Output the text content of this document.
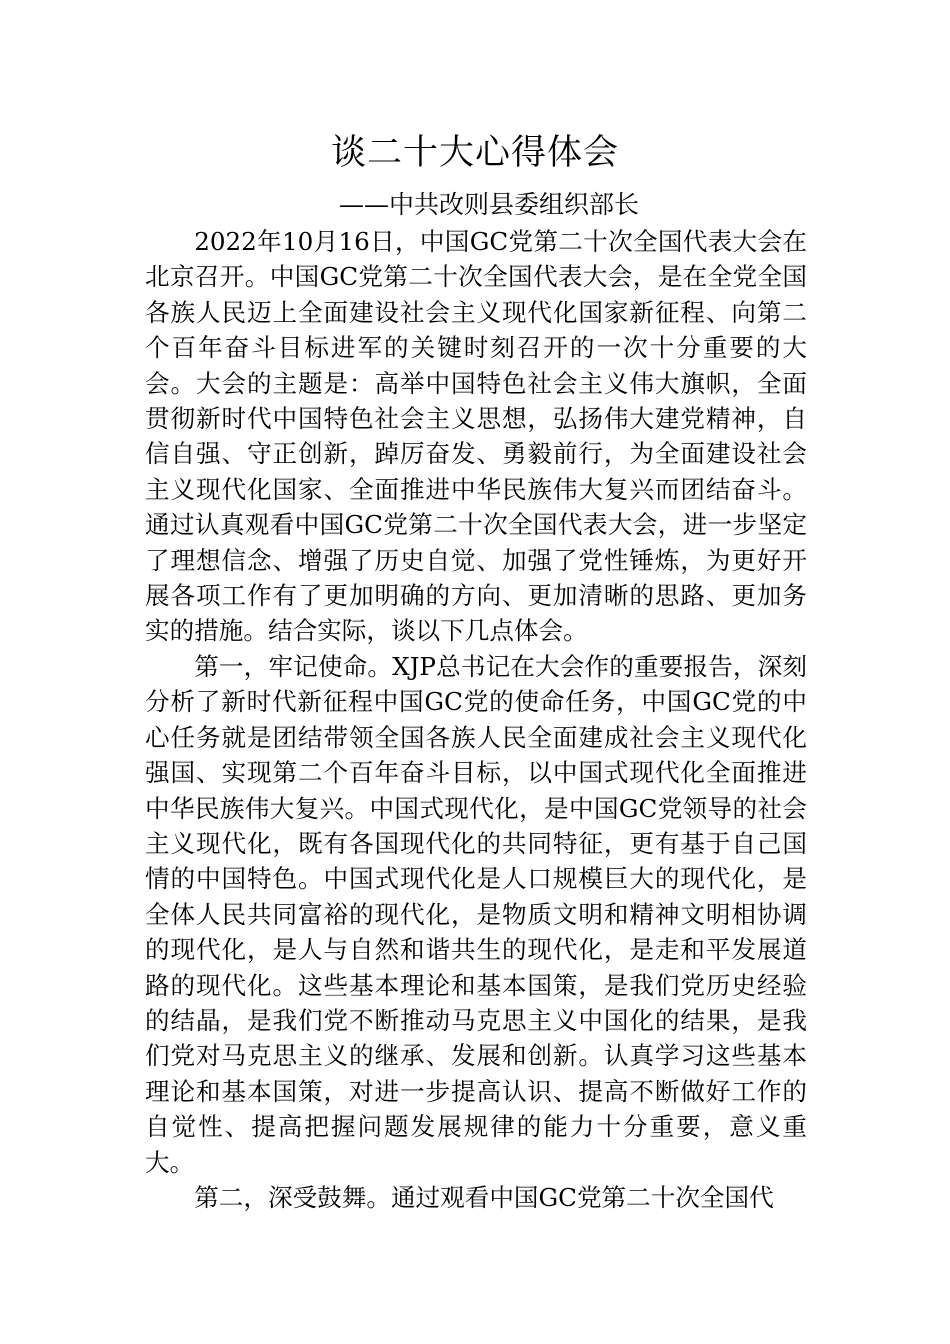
谈二十大心得体会
——中共改则县委组织部长

2022年10月16日，中国GC党第二十次全国代表大会在北京召开。中国GC党第二十次全国代表大会，是在全党全国各族人民迈上全面建设社会主义现代化国家新征程、向第二个百年奋斗目标进军的关键时刻召开的一次十分重要的大会。大会的主题是：高举中国特色社会主义伟大旗帜，全面贯彻新时代中国特色社会主义思想，弘扬伟大建党精神，自信自强、守正创新，踔厉奋发、勇毅前行，为全面建设社会主义现代化国家、全面推进中华民族伟大复兴而团结奋斗。通过认真观看中国GC党第二十次全国代表大会，进一步坚定了理想信念、增强了历史自觉、加强了党性锤炼，为更好开展各项工作有了更加明确的方向、更加清晰的思路、更加务实的措施。结合实际，谈以下几点体会。

第一，牢记使命。XJP总书记在大会作的重要报告，深刻分析了新时代新征程中国GC党的使命任务，中国GC党的中心任务就是团结带领全国各族人民全面建成社会主义现代化强国、实现第二个百年奋斗目标，以中国式现代化全面推进中华民族伟大复兴。中国式现代化，是中国GC党领导的社会主义现代化，既有各国现代化的共同特征，更有基于自己国情的中国特色。中国式现代化是人口规模巨大的现代化，是全体人民共同富裕的现代化，是物质文明和精神文明相协调的现代化，是人与自然和谐共生的现代化，是走和平发展道路的现代化。这些基本理论和基本国策，是我们党历史经验的结晶，是我们党不断推动马克思主义中国化的结果，是我们党对马克思主义的继承、发展和创新。认真学习这些基本理论和基本国策，对进一步提高认识、提高不断做好工作的自觉性、提高把握问题发展规律的能力十分重要，意义重大。

第二，深受鼓舞。通过观看中国GC党第二十次全国代
